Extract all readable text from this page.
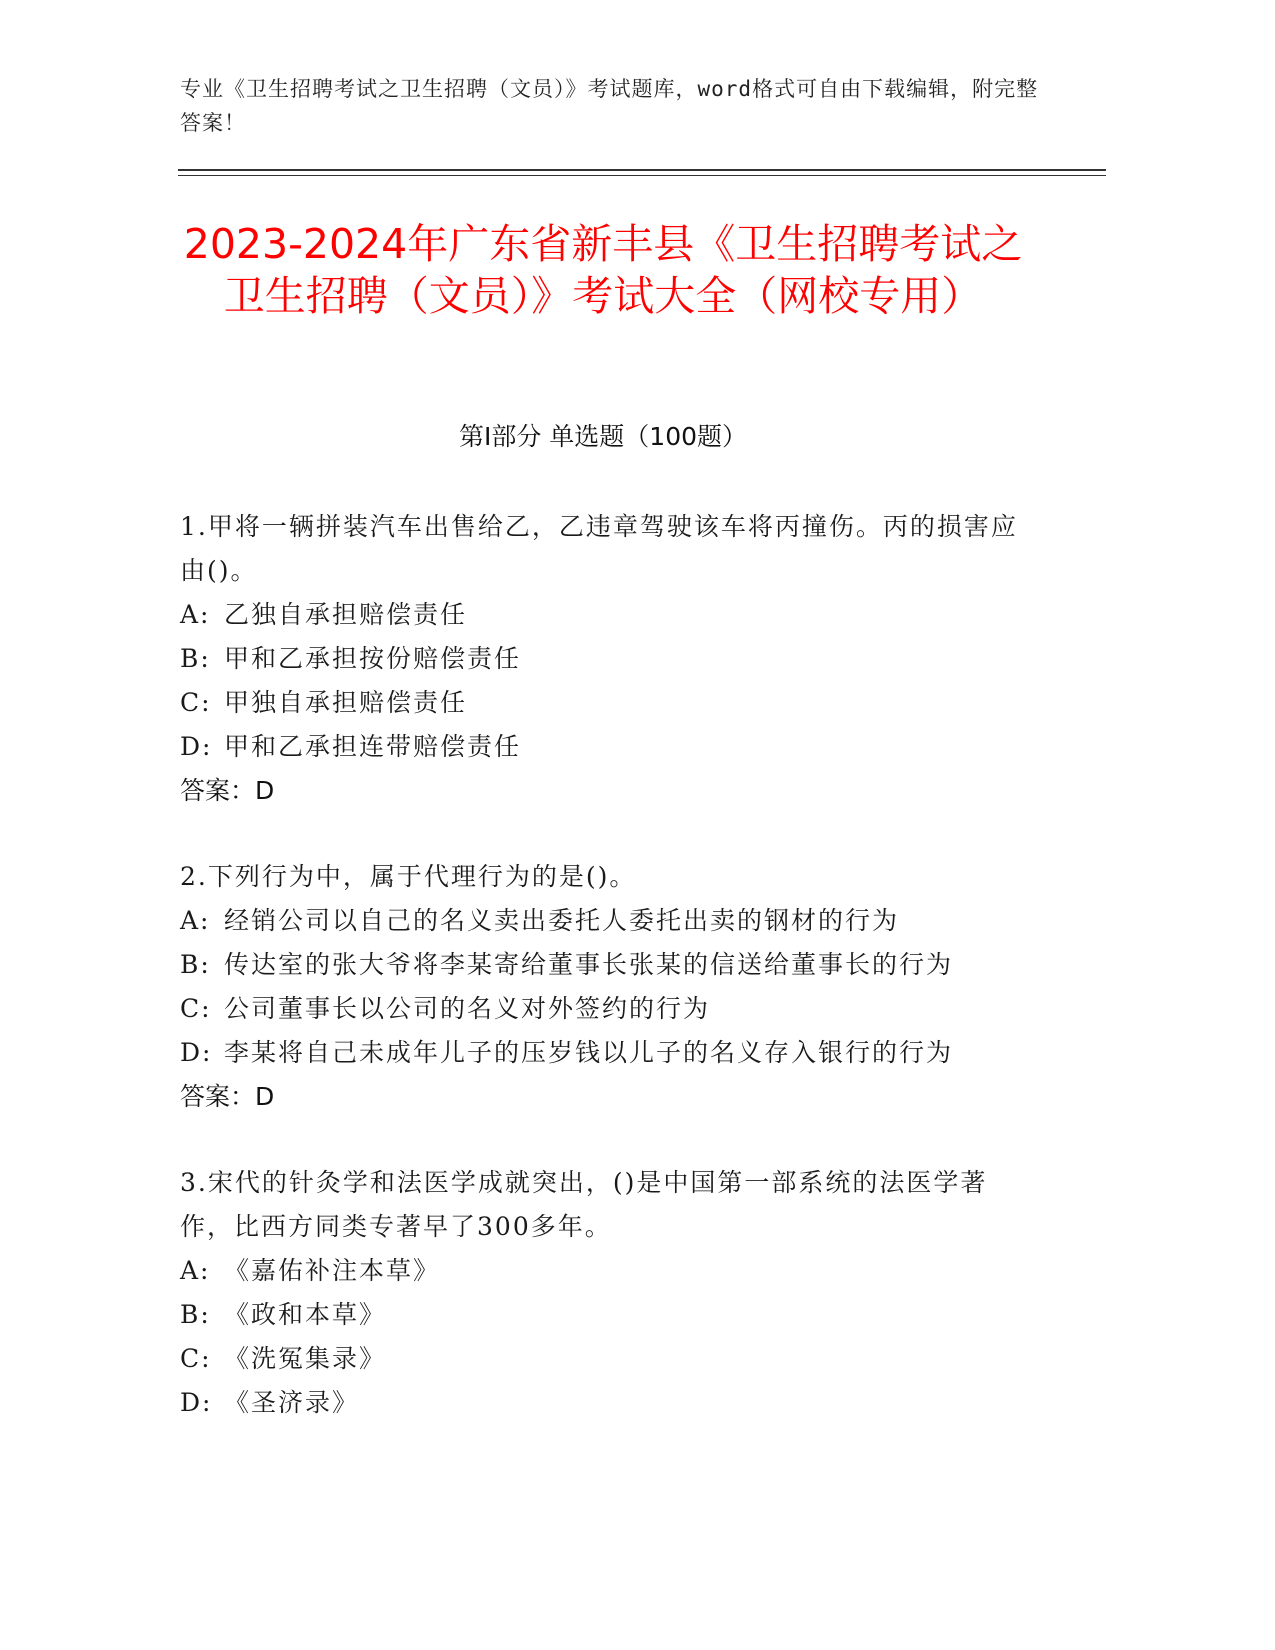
专业《卫生招聘考试之卫生招聘（文员）》考试题库，word格式可自由下载编辑，附完整答案！
2023-2024年广东省新丰县《卫生招聘考试之卫生招聘（文员）》考试大全（网校专用）
第I部分 单选题（100题）

1.甲将一辆拼装汽车出售给乙，乙违章驾驶该车将丙撞伤。丙的损害应由()。

A: 乙独自承担赔偿责任

B: 甲和乙承担按份赔偿责任

C: 甲独自承担赔偿责任

D: 甲和乙承担连带赔偿责任

答案：D

2.下列行为中，属于代理行为的是()。

A: 经销公司以自己的名义卖出委托人委托出卖的钢材的行为

B: 传达室的张大爷将李某寄给董事长张某的信送给董事长的行为

C: 公司董事长以公司的名义对外签约的行为

D: 李某将自己未成年儿子的压岁钱以儿子的名义存入银行的行为

答案：D

3.宋代的针灸学和法医学成就突出，()是中国第一部系统的法医学著作，比西方同类专著早了300多年。

A: 《嘉佑补注本草》

B: 《政和本草》

C: 《洗冤集录》

D: 《圣济录》
